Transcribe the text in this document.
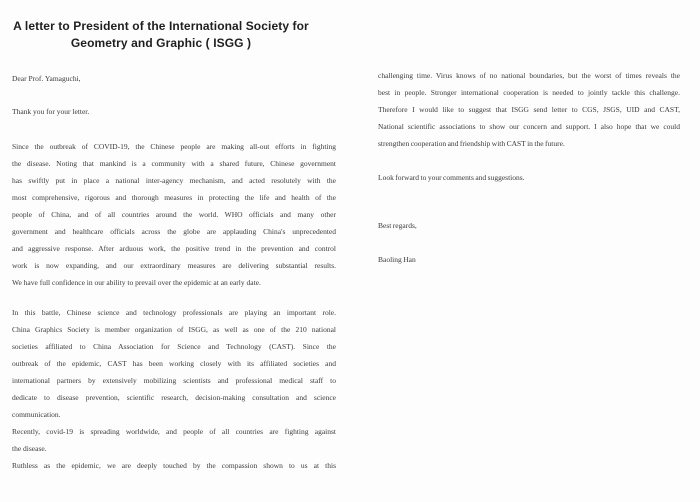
A letter to President of the International Society for
Geometry and Graphic ( ISGG )
Dear Prof. Yamaguchi,
Thank you for your letter.
Since the outbreak of COVID-19, the Chinese people are making all-out efforts in fighting
the disease. Noting that mankind is a community with a shared future, Chinese government
has swiftly put in place a national inter-agency mechanism, and acted resolutely with the
most comprehensive, rigorous and thorough measures in protecting the life and health of the
people of China, and of all countries around the world. WHO officials and many other
government and healthcare officials across the globe are applauding China's unprecedented
and aggressive response. After arduous work, the positive trend in the prevention and control
work is now expanding, and our extraordinary measures are delivering substantial results.
We have full confidence in our ability to prevail over the epidemic at an early date.
In this battle, Chinese science and technology professionals are playing an important role.
China Graphics Society is member organization of ISGG, as well as one of the 210 national
societies affiliated to China Association for Science and Technology (CAST). Since the
outbreak of the epidemic, CAST has been working closely with its affiliated societies and
international partners by extensively mobilizing scientists and professional medical staff to
dedicate to disease prevention, scientific research, decision-making consultation and science
communication.
Recently, covid-19 is spreading worldwide, and people of all countries are fighting against
the disease.
Ruthless as the epidemic, we are deeply touched by the compassion shown to us at this
challenging time. Virus knows of no national boundaries, but the worst of times reveals the
best in people. Stronger international cooperation is needed to jointly tackle this challenge.
Therefore I would like to suggest that ISGG send letter to CGS, JSGS, UID and CAST,
National scientific associations to show our concern and support. I also hope that we could
strengthen cooperation and friendship with CAST in the future.
Look forward to your comments and suggestions.
Best regards,
Baoling Han
